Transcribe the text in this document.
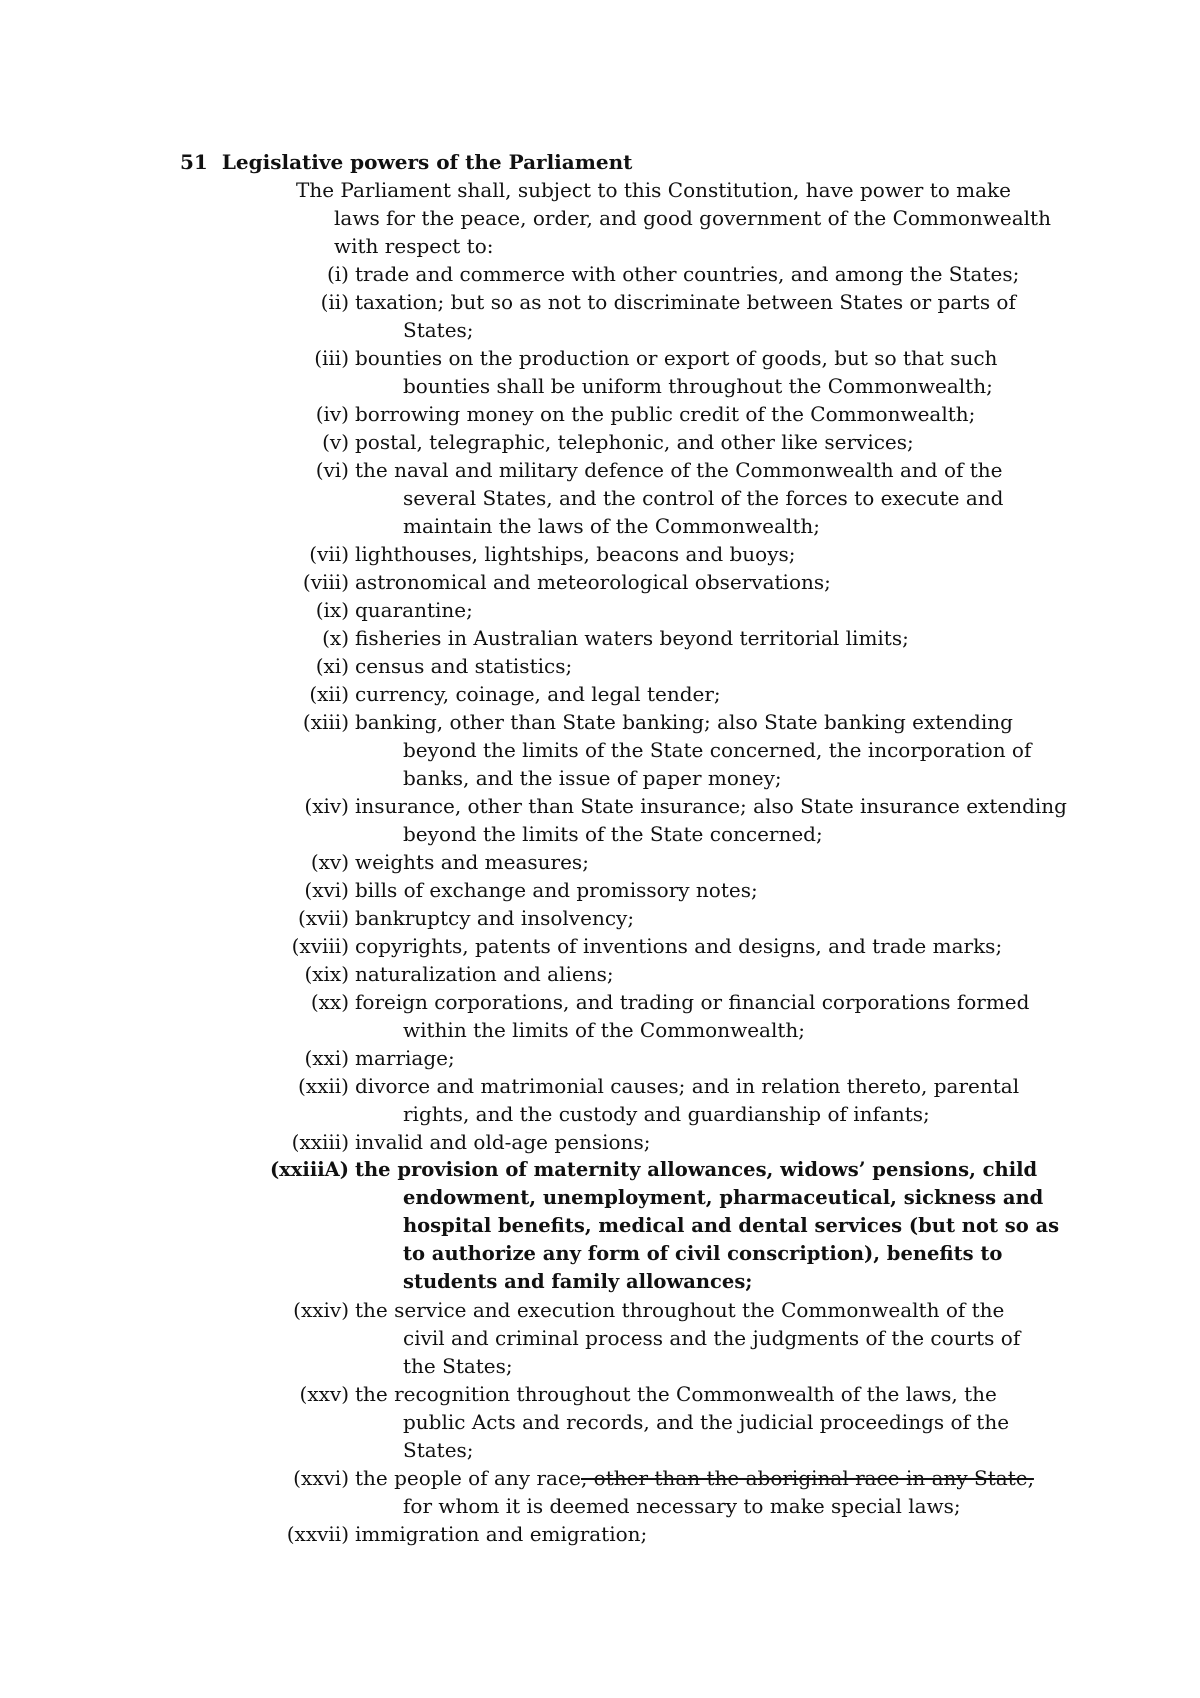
51 Legislative powers of the Parliament
The Parliament shall, subject to this Constitution, have power to make
laws for the peace, order, and good government of the Commonwealth
with respect to:
(i) trade and commerce with other countries, and among the States;
(ii) taxation; but so as not to discriminate between States or parts of
States;
(iii) bounties on the production or export of goods, but so that such
bounties shall be uniform throughout the Commonwealth;
(iv) borrowing money on the public credit of the Commonwealth;
(v) postal, telegraphic, telephonic, and other like services;
(vi) the naval and military defence of the Commonwealth and of the
several States, and the control of the forces to execute and
maintain the laws of the Commonwealth;
(vii) lighthouses, lightships, beacons and buoys;
(viii) astronomical and meteorological observations;
(ix) quarantine;
(x) fisheries in Australian waters beyond territorial limits;
(xi) census and statistics;
(xii) currency, coinage, and legal tender;
(xiii) banking, other than State banking; also State banking extending
beyond the limits of the State concerned, the incorporation of
banks, and the issue of paper money;
(xiv) insurance, other than State insurance; also State insurance extending
beyond the limits of the State concerned;
(xv) weights and measures;
(xvi) bills of exchange and promissory notes;
(xvii) bankruptcy and insolvency;
(xviii) copyrights, patents of inventions and designs, and trade marks;
(xix) naturalization and aliens;
(xx) foreign corporations, and trading or financial corporations formed
within the limits of the Commonwealth;
(xxi) marriage;
(xxii) divorce and matrimonial causes; and in relation thereto, parental
rights, and the custody and guardianship of infants;
(xxiii) invalid and old-age pensions;
(xxiiiA) the provision of maternity allowances, widows’ pensions, child
endowment, unemployment, pharmaceutical, sickness and
hospital benefits, medical and dental services (but not so as
to authorize any form of civil conscription), benefits to
students and family allowances;
(xxiv) the service and execution throughout the Commonwealth of the
civil and criminal process and the judgments of the courts of
the States;
(xxv) the recognition throughout the Commonwealth of the laws, the
public Acts and records, and the judicial proceedings of the
States;
(xxvi) the people of any race, other than the aboriginal race in any State,
for whom it is deemed necessary to make special laws;
(xxvii) immigration and emigration;
